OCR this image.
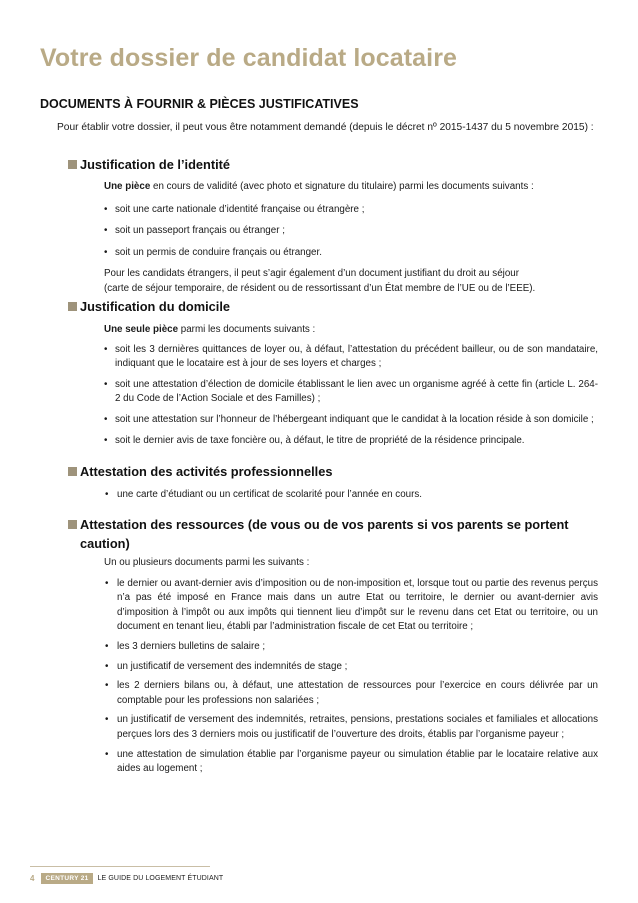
Votre dossier de candidat locataire
DOCUMENTS À FOURNIR & PIÈCES JUSTIFICATIVES

Pour établir votre dossier, il peut vous être notamment demandé (depuis le décret nº 2015-1437 du 5 novembre 2015) :

Justification de l’identité

Une pièce en cours de validité (avec photo et signature du titulaire) parmi les documents suivants :

• soit une carte nationale d’identité française ou étrangère ;

• soit un passeport français ou étranger ;

• soit un permis de conduire français ou étranger.

Pour les candidats étrangers, il peut s’agir également d’un document justifiant du droit au séjour

(carte de séjour temporaire, de résident ou de ressortissant d’un État membre de l’UE ou de l’EEE).

Justification du domicile

Une seule pièce parmi les documents suivants :

• soit les 3 dernières quittances de loyer ou, à défaut, l’attestation du précédent bailleur, ou de son mandataire, indiquant que le locataire est à jour de ses loyers et charges ;

• soit une attestation d’élection de domicile établissant le lien avec un organisme agréé à cette fin (article L. 264-2 du Code de l’Action Sociale et des Familles) ;

• soit une attestation sur l’honneur de l’hébergeant indiquant que le candidat à la location réside à son domicile ;

• soit le dernier avis de taxe foncière ou, à défaut, le titre de propriété de la résidence principale.

Attestation des activités professionnelles

• une carte d’étudiant ou un certificat de scolarité pour l’année en cours.

Attestation des ressources (de vous ou de vos parents si vos parents se portent caution)

Un ou plusieurs documents parmi les suivants :

• le dernier ou avant-dernier avis d’imposition ou de non-imposition et, lorsque tout ou partie des revenus perçus n’a pas été imposé en France mais dans un autre Etat ou territoire, le dernier ou avant-dernier avis d’imposition à l’impôt ou aux impôts qui tiennent lieu d’impôt sur le revenu dans cet Etat ou territoire, ou un document en tenant lieu, établi par l’administration fiscale de cet Etat ou territoire ;

• les 3 derniers bulletins de salaire ;

• un justificatif de versement des indemnités de stage ;

• les 2 derniers bilans ou, à défaut, une attestation de ressources pour l’exercice en cours délivrée par un comptable pour les professions non salariées ;

• un justificatif de versement des indemnités, retraites, pensions, prestations sociales et familiales et allocations perçues lors des 3 derniers mois ou justificatif de l’ouverture des droits, établis par l’organisme payeur ;

• une attestation de simulation établie par l’organisme payeur ou simulation établie par le locataire relative aux aides au logement ;

4	CENTURY 21	LE GUIDE DU LOGEMENT ÉTUDIANT
